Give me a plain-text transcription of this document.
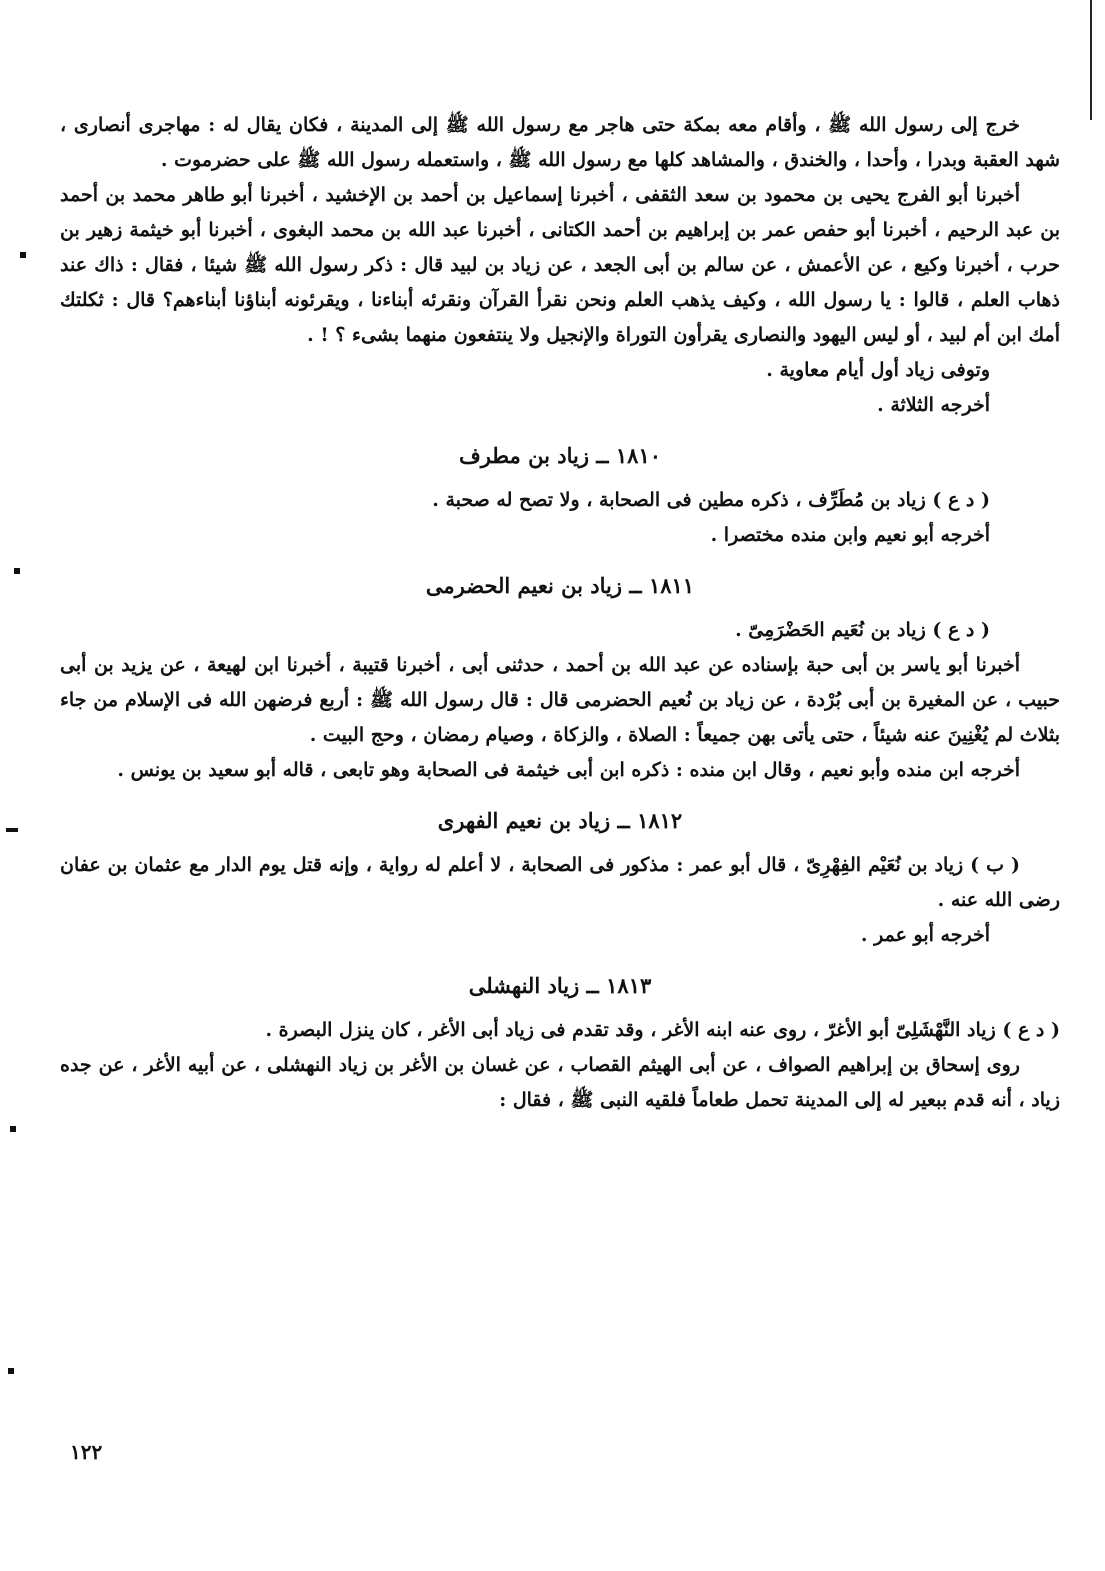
خرج إلى رسول الله ﷺ ، وأقام معه بمكة حتى هاجر مع رسول الله ﷺ إلى المدينة ، فكان يقال له : مهاجرى أنصارى ، شهد العقبة وبدرا ، وأحدا ، والخندق ، والمشاهد كلها مع رسول الله ﷺ ، واستعمله رسول الله ﷺ على حضرموت .

أخبرنا أبو الفرج يحيى بن محمود بن سعد الثقفى ، أخبرنا إسماعيل بن أحمد بن الإخشيد ، أخبرنا أبو طاهر محمد بن أحمد بن عبد الرحيم ، أخبرنا أبو حفص عمر بن إبراهيم بن أحمد الكتانى ، أخبرنا عبد الله بن محمد البغوى ، أخبرنا أبو خيثمة زهير بن حرب ، أخبرنا وكيع ، عن الأعمش ، عن سالم بن أبى الجعد ، عن زياد بن لبيد قال : ذكر رسول الله ﷺ شيئا ، فقال : ذاك عند ذهاب العلم ، قالوا : يا رسول الله ، وكيف يذهب العلم ونحن نقرأ القرآن ونقرئه أبناءنا ، ويقرئونه أبناؤنا أبناءهم؟ قال : ثكلتك أمك ابن أم لبيد ، أو ليس اليهود والنصارى يقرأون التوراة والإنجيل ولا ينتفعون منهما بشىء ؟ ! .

وتوفى زياد أول أيام معاوية .

أخرجه الثلاثة .

١٨١٠ ــ زياد بن مطرف

( د ع ) زياد بن مُطَرِّف ، ذكره مطين فى الصحابة ، ولا تصح له صحبة .

أخرجه أبو نعيم وابن منده مختصرا .

١٨١١ ــ زياد بن نعيم الحضرمى

( د ع ) زياد بن نُعَيم الحَضْرَمِىّ .

أخبرنا أبو ياسر بن أبى حبة بإسناده عن عبد الله بن أحمد ، حدثنى أبى ، أخبرنا قتيبة ، أخبرنا ابن لهيعة ، عن يزيد بن أبى حبيب ، عن المغيرة بن أبى بُرْدة ، عن زياد بن نُعيم الحضرمى قال : قال رسول الله ﷺ : أربع فرضهن الله فى الإسلام من جاء بثلاث لم يُغْنِينَ عنه شيئاً ، حتى يأتى بهن جميعاً : الصلاة ، والزكاة ، وصيام رمضان ، وحج البيت .

أخرجه ابن منده وأبو نعيم ، وقال ابن منده : ذكره ابن أبى خيثمة فى الصحابة وهو تابعى ، قاله أبو سعيد بن يونس .

١٨١٢ ــ زياد بن نعيم الفهرى

( ب ) زياد بن نُعَيْم الفِهْرِىّ ، قال أبو عمر : مذكور فى الصحابة ، لا أعلم له رواية ، وإنه قتل يوم الدار مع عثمان بن عفان رضى الله عنه .

أخرجه أبو عمر .

١٨١٣ ــ زياد النهشلى

( د ع ) زياد النَّهْشَلِىّ أبو الأغرّ ، روى عنه ابنه الأغر ، وقد تقدم فى زياد أبى الأغر ، كان ينزل البصرة .

روى إسحاق بن إبراهيم الصواف ، عن أبى الهيثم القصاب ، عن غسان بن الأغر بن زياد النهشلى ، عن أبيه الأغر ، عن جده زياد ، أنه قدم ببعير له إلى المدينة تحمل طعاماً فلقيه النبى ﷺ ، فقال :

١٢٢
